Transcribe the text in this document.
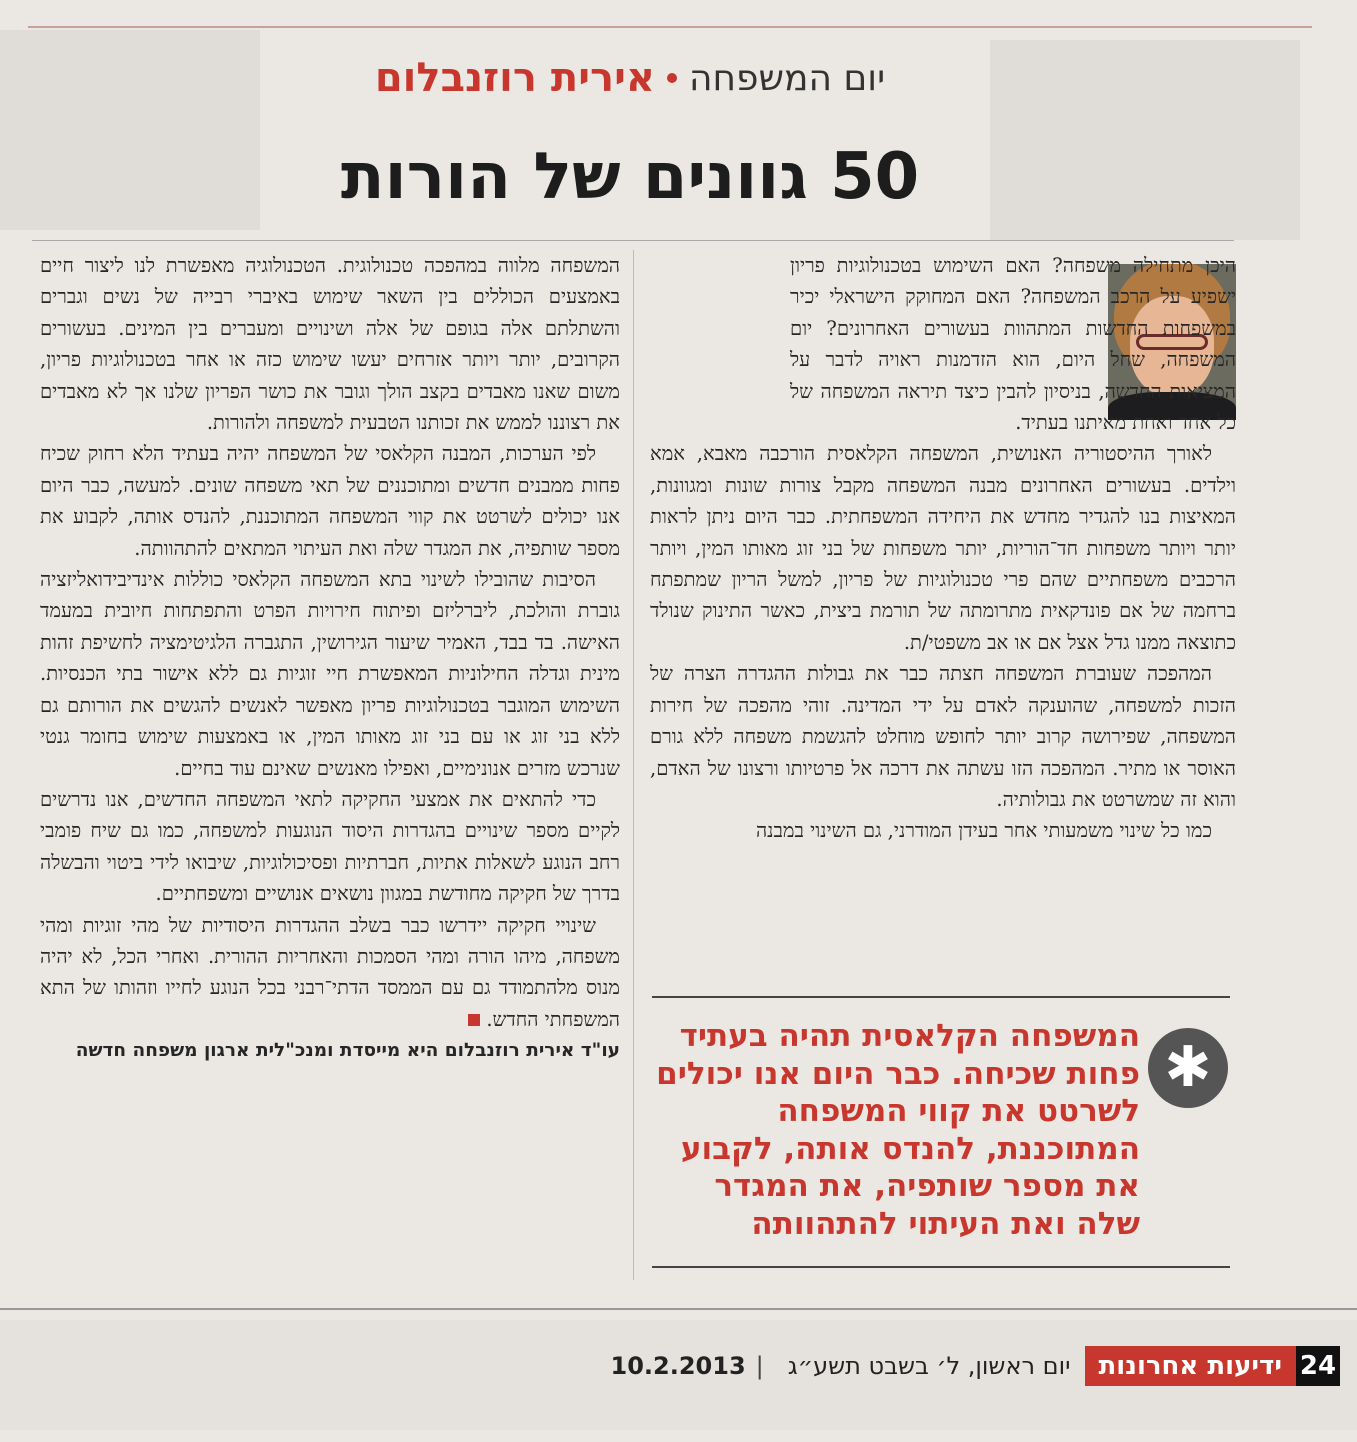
אירית רוזנבלום יום המשפחה
50 גוונים של הורות

היכן מתחילה משפחה? האם השימוש בטכנולוגיות פריון ישפיע על הרכב המשפחה? האם המחוקק הישראלי יכיר במשפחות החדשות המתהוות בעשורים האחרונים? יום המשפחה, שחל היום, הוא הזדמנות ראויה לדבר על המציאות החדשה, בניסיון להבין כיצד תיראה המשפחה של כל אחד ואחת מאיתנו בעתיד.

לאורך ההיסטוריה האנושית, המשפחה הקלאסית הורכבה מאבא, אמא וילדים. בעשורים האחרונים מבנה המשפחה מקבל צורות שונות ומגוונות, המאיצות בנו להגדיר מחדש את היחידה המשפחתית. כבר היום ניתן לראות יותר ויותר משפחות חד־הוריות, יותר משפחות של בני זוג מאותו המין, ויותר הרכבים משפחתיים שהם פרי טכנולוגיות של פריון, למשל הריון שמתפתח ברחמה של אם פונדקאית מתרומתה של תורמת ביצית, כאשר התינוק שנולד כתוצאה ממנו גדל אצל אם או אב משפטי/ת.

המהפכה שעוברת המשפחה חצתה כבר את גבולות ההגדרה הצרה של הזכות למשפחה, שהוענקה לאדם על ידי המדינה. זוהי מהפכה של חירות המשפחה, שפירושה קרוב יותר לחופש מוחלט להגשמת משפחה ללא גורם האוסר או מתיר. המהפכה הזו עשתה את דרכה אל פרטיותו ורצונו של האדם, והוא זה שמשרטט את גבולותיה.

כמו כל שינוי משמעותי אחר בעידן המודרני, גם השינוי במבנה

המשפחה מלווה במהפכה טכנולוגית. הטכנולוגיה מאפשרת לנו ליצור חיים באמצעים הכוללים בין השאר שימוש באיברי רבייה של נשים וגברים והשתלתם אלה בגופם של אלה ושינויים ומעברים בין המינים. בעשורים הקרובים, יותר ויותר אזרחים יעשו שימוש כזה או אחר בטכנולוגיות פריון, משום שאנו מאבדים בקצב הולך וגובר את כושר הפריון שלנו אך לא מאבדים את רצוננו לממש את זכותנו הטבעית למשפחה ולהורות.

לפי הערכות, המבנה הקלאסי של המשפחה יהיה בעתיד הלא רחוק שכיח פחות ממבנים חדשים ומתוכננים של תאי משפחה שונים. למעשה, כבר היום אנו יכולים לשרטט את קווי המשפחה המתוכננת, להנדס אותה, לקבוע את מספר שותפיה, את המגדר שלה ואת העיתוי המתאים להתהוותה.

הסיבות שהובילו לשינוי בתא המשפחה הקלאסי כוללות אינדיבידואליזציה גוברת והולכת, ליברליזם ופיתוח חירויות הפרט והתפתחות חיובית במעמד האישה. בד בבד, האמיר שיעור הגירושין, התגברה הלגיטימציה לחשיפת זהות מינית וגדלה החילוניות המאפשרת חיי זוגיות גם ללא אישור בתי הכנסיות. השימוש המוגבר בטכנולוגיות פריון מאפשר לאנשים להגשים את הורותם גם ללא בני זוג או עם בני זוג מאותו המין, או באמצעות שימוש בחומר גנטי שנרכש מזרים אנונימיים, ואפילו מאנשים שאינם עוד בחיים.

כדי להתאים את אמצעי החקיקה לתאי המשפחה החדשים, אנו נדרשים לקיים מספר שינויים בהגדרות היסוד הנוגעות למשפחה, כמו גם שיח פומבי רחב הנוגע לשאלות אתיות, חברתיות ופסיכולוגיות, שיבואו לידי ביטוי והבשלה בדרך של חקיקה מחודשת במגוון נושאים אנושיים ומשפחתיים.

שינויי חקיקה יידרשו כבר בשלב ההגדרות היסודיות של מהי זוגיות ומהי משפחה, מיהו הורה ומהי הסמכות והאחריות ההורית. ואחרי הכל, לא יהיה מנוס מלהתמודד גם עם הממסד הדתי־רבני בכל הנוגע לחייו וזהותו של התא המשפחתי החדש.

עו"ד אירית רוזנבלום היא מייסדת ומנכ"לית ארגון משפחה חדשה	✱
המשפחה הקלאסית תהיה בעתיד פחות שכיחה. כבר היום אנו יכולים לשרטט את קווי המשפחה המתוכננת, להנדס אותה, לקבוע את מספר שותפיה, את המגדר שלה ואת העיתוי להתהוותה
24
ידיעות אחרונות
יום ראשון, ל׳ בשבט תשע״ג
|
10.2.2013
